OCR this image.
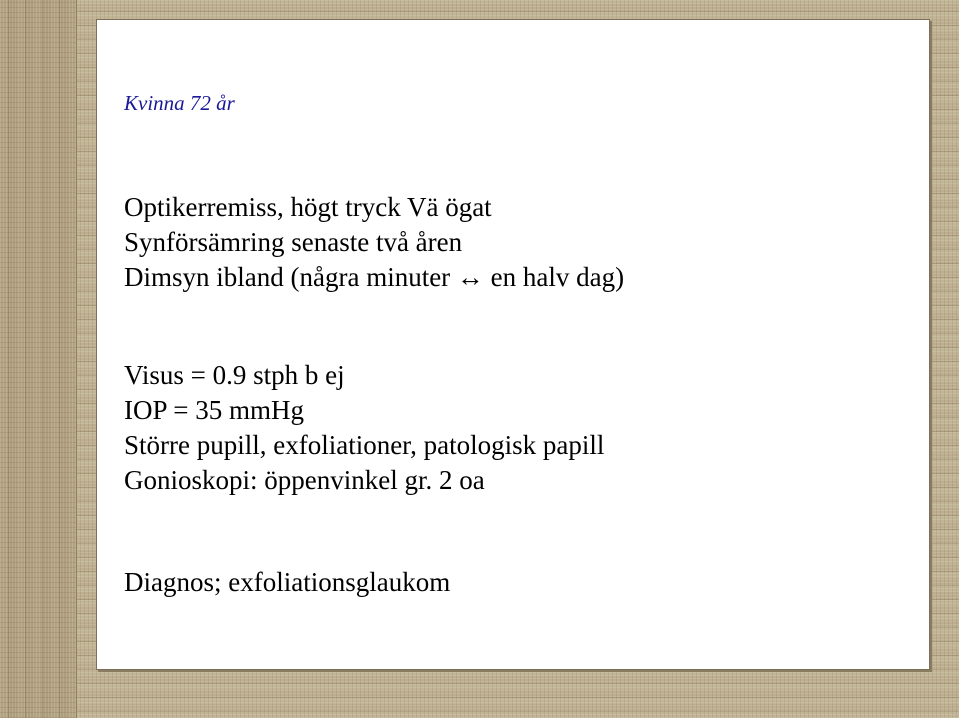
Kvinna 72 år

Optikerremiss, högt tryck Vä ögat

Synförsämring senaste två åren

Dimsyn ibland (några minuter ↔ en halv dag)

Visus = 0.9 stph b ej

IOP = 35 mmHg

Större pupill, exfoliationer, patologisk papill

Gonioskopi: öppenvinkel gr. 2 oa

Diagnos; exfoliationsglaukom
